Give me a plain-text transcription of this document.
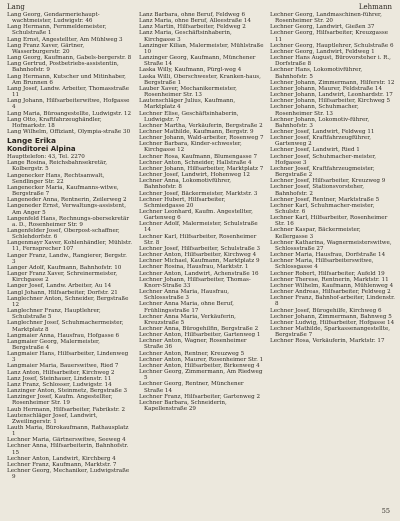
Lang	Lehmann

Lang Georg, Gendarmeriehaupt-wachtmeister, Ludwigstr. 46

Lang Hermann, Fernmeldemeister, Schulstraße 1

Lang Ernst, Angestellter, Am Mühlweg 3

Lang Franz Xaver, Gärtner, Wasserburgerstr. 20

Lang Georg, Kaufmann, Gabels-bergerstr. 8

Lang Gertrud, Postbetriebs-assistentin, Bahnhofstr. 9

Lang Hermann, Kutscher und Mitinhaber, Am Brunnen 6

Lang Josef, Landw. Arbeiter, Thomasstraße 11

Lang Johann, Hilfsarbeiterwitwe, Hofgasse 4

Lang Maria, Büroangestellte, Ludwigstr. 12

Lang Otto, Kraftfahrzeughändler, Hofmarkstr. 18

Lang Wilhelm, Offiziant, Olympia-straße 30

Lange Erika

Konditorei Alpina

Haupttelefon: 43, Tel. 2270

Lange Rosina, Reichsbahnsekretär, Kolbergstr. 5

Langenecker Hans, Rechtsanwalt, Sendlinger Str. 22

Langenecker Maria, Kaufmanns-witwe, Bergstraße 7

Langeneder Anna, Rentnerin, Zeilerweg 2

Langeneder Ernst, Verwaltungs-assistent, Am Anger 5

Langenfeld Hans, Rechnungs-obersekretär a. D., Rosenheimer Str. 9

Langenfelder Josef, Oberpost-schaffner, Schlehdorfstr. 6

Langenmayr Xaver, Kohlenhändler, Mühlstr. 11, Fernsprecher 107

Langer Franz, Landw., Rangierer, Bergstr. 3

Langer Adolf, Kaufmann, Bahnhofstr. 10

Langer Franz Xaver, Schreinermeister, Kirchgasse 2

Langer Josef, Landw. Arbeiter, Au 14

Langl Johann, Hilfsarbeiter, Dorfstr. 21

Langlechner Anton, Schneider, Bergstraße 12

Langlechner Franz, Hauptlehrer, Schulstraße 5

Langlechner Josef, Schuhmachermeister, Marktplatz 8

Langmaier Anna, Hausfrau, Hofgasse 6

Langmaier Georg, Malermeister, Bergstraße 4

Langmaier Hans, Hilfsarbeiter, Lindenweg 3

Langmaier Maria, Bauerswitwe, Ried 7

Lanz Anton, Hilfsarbeiter, Kirchweg 2

Lanz Josef, Steinhauer, Lindenstr. 11

Lanz Franz, Schlosser, Ludwigstr. 14

Lanzinger Anton, Steinmetz, Bergstraße 3

Lanzinger Josef, Kaufm. Angestellter, Rosenheimer Str. 19

Laub Hermann, Hilfsarbeiter, Fabrikstr. 2

Lautenschläger Josef, Landwirt, Zweilingerstr. 1

Lauth Maria, Bürokaufmann, Rathausplatz 1

Lechner Maria, Gärtnerswitwe, Seeweg 4

Lechner Anna, Hilfsarbeiterin, Bahnhofstr. 15

Lechner Anton, Landwirt, Kirchberg 4

Lechner Franz, Kaufmann, Marktstr. 7

Lechner Georg, Mechaniker, Ludwigstraße 9

Lanz Barbara, ohne Beruf, Feldweg 6

Lanz Maria, ohne Beruf, Alleestraße 14

Lanz Martin, Hilfsarbeiter, Feldweg 2

Lanz Maria, Geschäftsinhaberin, Kirchgasse 3

Lanzinger Kilian, Malermeister, Mühlstraße 10

Lanzinger Georg, Kaufmann, Münchener Straße 14

Laska Willy, Kaufmann, Pürgl-weg 4

Laska Willi, Oberschwester, Kranken-haus, Bergstraße 1

Lauber Xaver, Mechanikermeister, Rosenheimer Str. 13

Lautenschläger Julius, Kaufmann, Marktplatz 4

Lechner Elise, Geschäftsinhaberin, Ludwigstr. 7

Lechner Martha, Verkäuferin, Bergstraße 2

Lechner Mathilde, Kaufmann, Bergstr. 9

Lechner Johann, Wald-arbeiter, Rosenweg 7

Lechner Barbara, Kinder-schwester, Kirchgasse 12

Lechner Rosa, Kaufmann, Blumengasse 7

Lechner Anton, Schneider, Hallstraße 4

Lechner Johann, Hilfsarbeiter, Marktplatz 7

Lechner Josef, Landwirt, Hohenweg 12

Lechner Anna, Lokomotivführer, Bahnhofstr. 8

Lechner Josef, Bäckermeister, Marktstr. 3

Lechner Hubert, Hilfsarbeiter, Schmiedgasse 20

Lechner Leonhard, Kaufm. Angestellter, Gartenweg 6

Lechner Adolf, Malermeister, Schulstraße 14

Lechner Karl, Hilfsarbeiter, Rosenheimer Str. 8

Lechner Josef, Hilfsarbeiter, Schulstraße 3

Lechner Anton, Hilfsarbeiter, Kirchweg 4

Lechner Michael, Kaufmann, Marktplatz 9

Lechner Rosina, Hausfrau, Marktstr. 1

Lechner Anton, Landwirt, Achenstraße 16

Lechner Johann, Hilfsarbeiter, Thomas-Knorr-Straße 33

Lechner Anna Maria, Hausfrau, Schlossstraße 3

Lechner Anna Maria, ohne Beruf, Frühlingsstraße 17

Lechner Anna Maria, Verkäuferin, Kreuzstraße 5

Lechner Anna, Bürogehilfin, Bergstraße 2

Lechner Anton, Hilfsarbeiter, Gartenweg 1

Lechner Anton, Wagner, Rosenheimer Straße 36

Lechner Anton, Rentner, Kreuzweg 5

Lechner Anton, Maurer, Rosenheimer Str. 1

Lechner Anton, Hilfsarbeiter, Birkenweg 4

Lechner Georg, Zimmermann, Am Riedweg 5

Lechner Georg, Rentner, Münchener Straße 14

Lechner Franz, Hilfsarbeiter, Gartenweg 2

Lechner Barbara, Schneiderin, Kapellenstraße 29

Lechner Georg, Landmaschinen-führer, Rosenheimer Str. 20

Lechner Georg, Landwirt, Gießen 37

Lechner Georg, Hilfsarbeiter, Kreuzgasse 11

Lechner Georg, Hauptlehrer, Schulstraße 6

Lechner Georg, Landwirt, Feldweg 1

Lechner Hans August, Bürovorsteher i. R., Dorfstraße 8

Lechner Hans, Lokomotivführer, Bahnhofstr. 5

Lechner Johann, Zimmermann, Hilferstr. 12

Lechner Johann, Maurer, Feldstraße 14

Lechner Johann, Landwirt, Leonhardstr. 17

Lechner Johann, Hilfsarbeiter, Kirchweg 5

Lechner Johann, Schuhmacher, Rosenheimer Str. 13

Lechner Johann, Lokomotiv-führer, Bahnhofstr. 3

Lechner Josef, Landwirt, Feldweg 11

Lechner Josef, Kraftfahrzeugführer, Gartenweg 2

Lechner Josef, Landwirt, Ried 1

Lechner Josef, Schuhmacher-meister, Hofgasse 3

Lechner Josef, Kraftfahrzeugmeister, Bergstraße 2

Lechner Josef, Hilfsarbeiter, Kreuzweg 9

Lechner Josef, Stationsvorsteher, Bahnhofstr. 2

Lechner Josef, Rentner, Marktstraße 5

Lechner Karl, Schuhmacher-meister, Schulstr. 6

Lechner Karl, Hilfsarbeiter, Rosenheimer Str. 16

Lechner Kaspar, Bäckermeister, Kellergasse 3

Lechner Katharina, Wagnermeisterswitwe, Schlossstraße 27

Lechner Maria, Hausfrau, Dorfstraße 14

Lechner Maria, Hilfsarbeiterswitwe, Schlossgasse 4

Lechner Robert, Hilfsarbeiter, Aufeld 19

Lechner Therese, Rentnerin, Marktstr. 11

Lechner Wilhelm, Kaufmann, Mühlenweg 4

Lechner Andreas, Hilfsarbeiter, Feldweg 2

Lechner Franz, Bahnhof-arbeiter, Lindenstr. 8

Lechner Josef, Bürogehilfe, Kirchweg 6

Lechner Johann, Zimmermann, Bahnweg 5

Lechner Ludwig, Hilfsarbeiter, Hofgasse 14

Lechner Mathilde, Sparkassenangestellte, Bergstraße 7

Lechner Rosa, Verkäuferin, Marktstr. 17

55
